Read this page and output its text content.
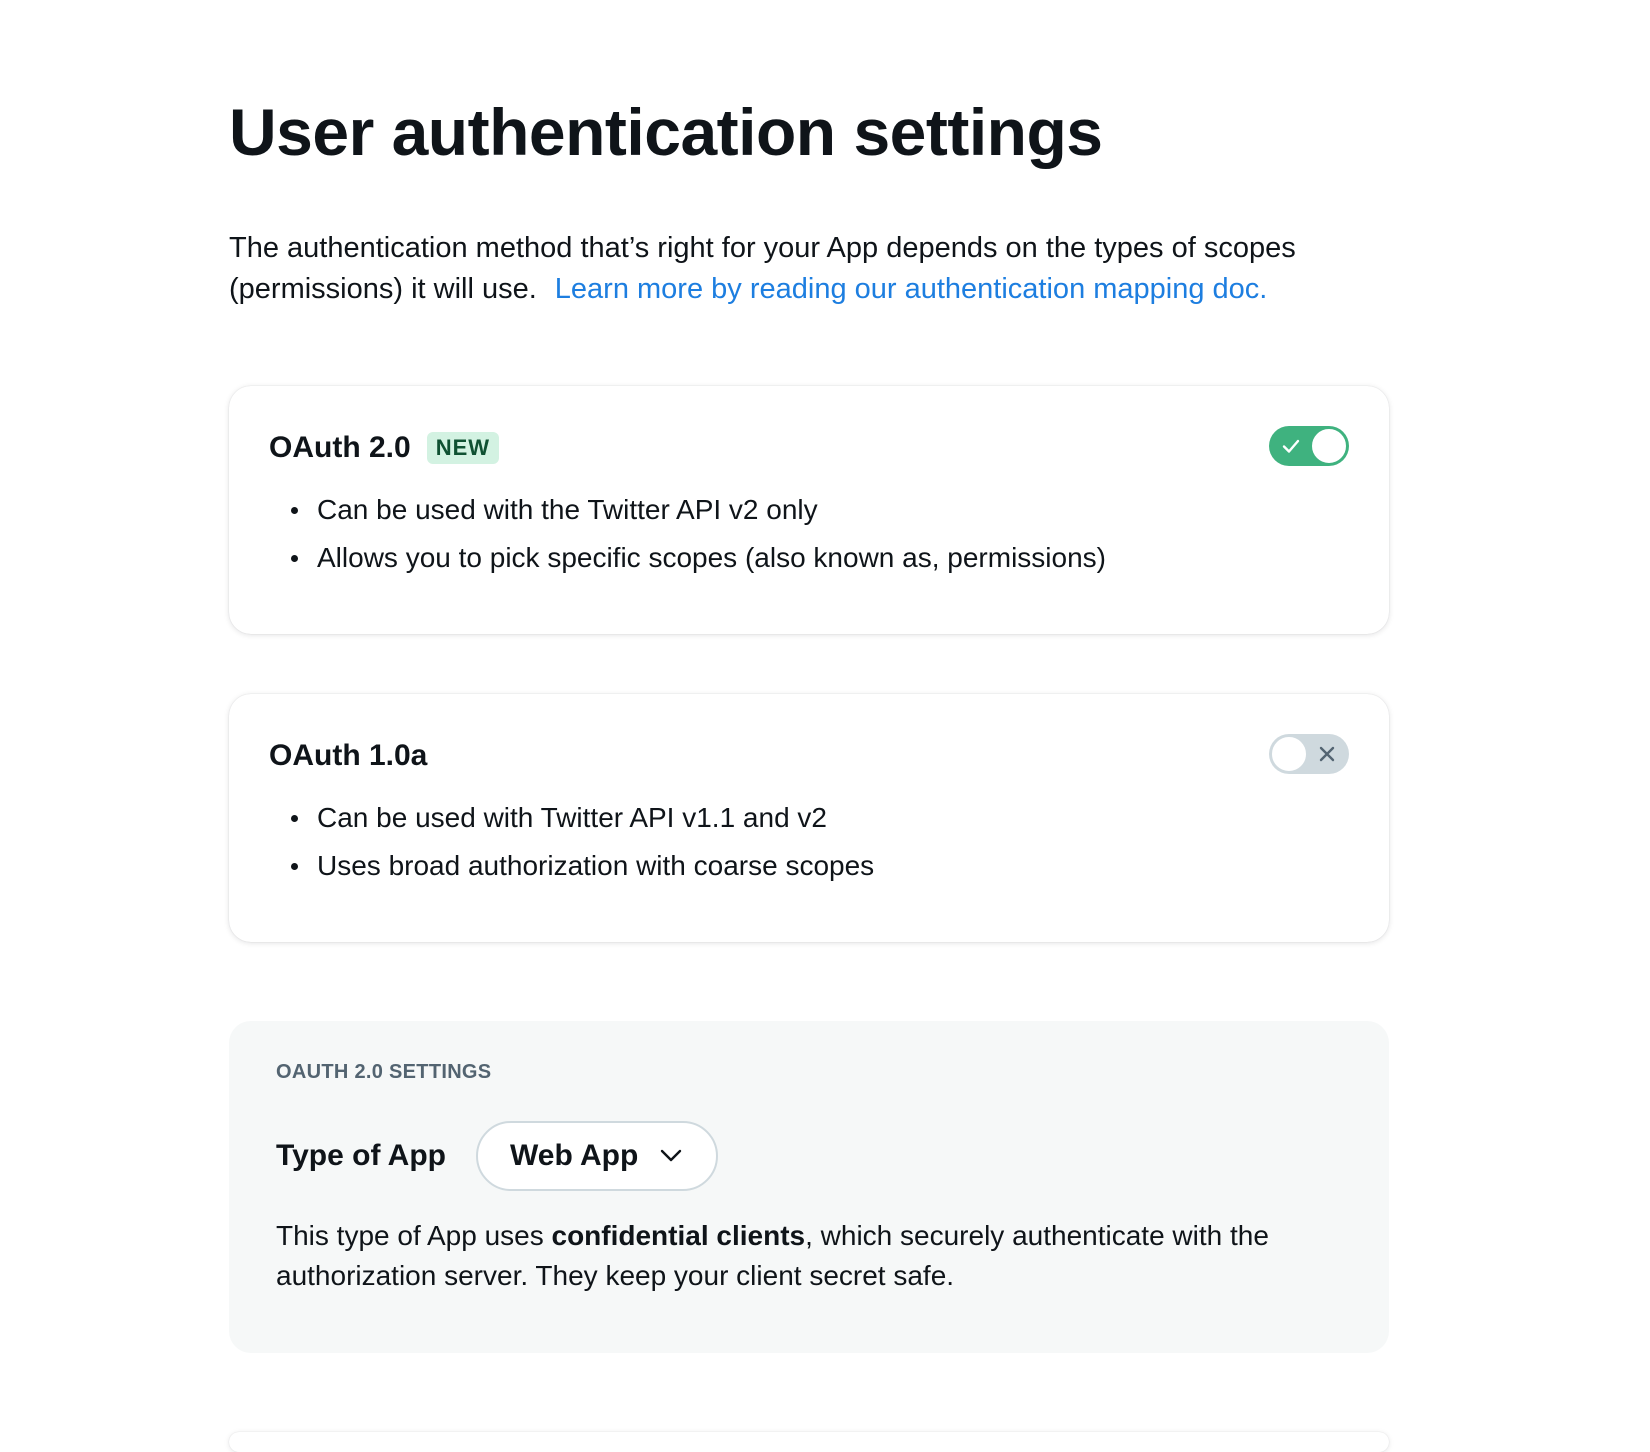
User authentication settings

The authentication method that’s right for your App depends on the types of scopes (permissions) it will use. Learn more by reading our authentication mapping doc.

OAuth 2.0	NEW
Can be used with the Twitter API v2 only
Allows you to pick specific scopes (also known as, permissions)
OAuth 1.0a
Can be used with Twitter API v1.1 and v2
Uses broad authorization with coarse scopes
OAUTH 2.0 SETTINGS
Type of App Web App

This type of App uses confidential clients, which securely authenticate with the authorization server. They keep your client secret safe.
